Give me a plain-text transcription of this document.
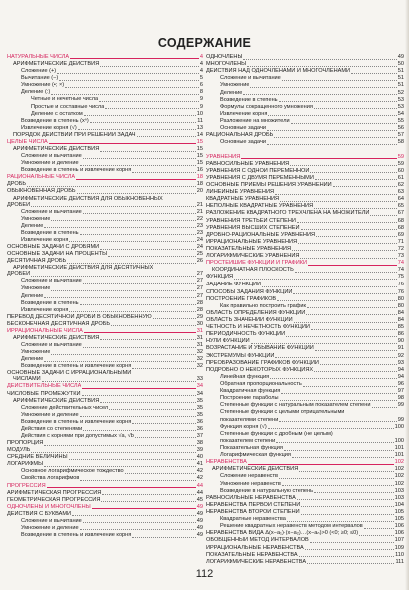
СОДЕРЖАНИЕ
НАТУРАЛЬНЫЕ ЧИСЛА	4
АРИФМЕТИЧЕСКИЕ ДЕЙСТВИЯ	4
Сложение (+)	4
Вычитание (−)	5
Умножение (•; ×)	6
Деление (:)	8
Четные и нечетные числа	9
Простые и составные числа	9
Деление с остатком	10
Возведение в степень (xⁿ)	11
Извлечение корня (√)	13
ПОРЯДОК ДЕЙСТВИЙ ПРИ РЕШЕНИИ ЗАДАЧ	14
ЦЕЛЫЕ ЧИСЛА	15
АРИФМЕТИЧЕСКИЕ ДЕЙСТВИЯ	15
Сложение и вычитание	15
Умножение и деление	15
Возведение в степень и извлечение корня	16
РАЦИОНАЛЬНЫЕ ЧИСЛА	18
ДРОБЬ	18
ОБЫКНОВЕННАЯ ДРОБЬ	20
АРИФМЕТИЧЕСКИЕ ДЕЙСТВИЯ ДЛЯ ОБЫКНОВЕННЫХ
ДРОБЕЙ	21
Сложение и вычитание	21
Умножение	22
Деление	23
Возведение в степень	23
Извлечение корня	24
ОСНОВНЫЕ ЗАДАЧИ С ДРОБЯМИ	24
ОСНОВНЫЕ ЗАДАЧИ НА ПРОЦЕНТЫ	25
ДЕСЯТИЧНАЯ ДРОБЬ	26
АРИФМЕТИЧЕСКИЕ ДЕЙСТВИЯ ДЛЯ ДЕСЯТИЧНЫХ
ДРОБЕЙ	27
Сложение и вычитание	27
Умножение	27
Деление	27
Возведение в степень	28
Извлечение корня	28
ПЕРЕВОД ДЕСЯТИЧНОЙ ДРОБИ В ОБЫКНОВЕННУЮ	29
БЕСКОНЕЧНАЯ ДЕСЯТИЧНАЯ ДРОБЬ	30
ИРРАЦИОНАЛЬНЫЕ ЧИСЛА	31
АРИФМЕТИЧЕСКИЕ ДЕЙСТВИЯ	31
Сложение и вычитание	31
Умножение	32
Деление	32
Возведение в степень и извлечение корня	32
ОСНОВНЫЕ ЗАДАЧИ С ИРРАЦИОНАЛЬНЫМИ
ЧИСЛАМИ	33
ДЕЙСТВИТЕЛЬНЫЕ ЧИСЛА	34
ЧИСЛОВЫЕ ПРОМЕЖУТКИ	34
АРИФМЕТИЧЕСКИЕ ДЕЙСТВИЯ	35
Сложение действительных чисел	35
Умножение и деление	35
Возведение в степень и извлечение корня	36
Действия со степенями	36
Действия с корнями при допустимых √a, √b	37
ПРОПОРЦИЯ	38
МОДУЛЬ	39
СРЕДНИЕ ВЕЛИЧИНЫ	40
ЛОГАРИФМЫ	41
Основное логарифмическое тождество	42
Свойства логарифмов	42
ПРОГРЕССИЯ	44
АРИФМЕТИЧЕСКАЯ ПРОГРЕССИЯ	44
ГЕОМЕТРИЧЕСКАЯ ПРОГРЕССИЯ	45
ОДНОЧЛЕНЫ И МНОГОЧЛЕНЫ	49
ДЕЙСТВИЯ С БУКВАМИ	49
Сложение и вычитание	49
Умножение и деление	49
Возведение в степень и извлечение корня	49
ОДНОЧЛЕНЫ	49
МНОГОЧЛЕНЫ	50
ДЕЙСТВИЯ НАД ОДНОЧЛЕНАМИ И МНОГОЧЛЕНАМИ	51
Сложение и вычитание	51
Умножение	51
Деление	52
Возведение в степень	53
Формулы сокращенного умножения	53
Извлечение корня	54
Разложение на множители	55
Основные задачи	56
РАЦИОНАЛЬНАЯ ДРОБЬ	57
Основные задачи	58
УРАВНЕНИЯ	59
РАВНОСИЛЬНЫЕ УРАВНЕНИЯ	59
УРАВНЕНИЯ С ОДНОЙ ПЕРЕМЕННОЙ	60
УРАВНЕНИЯ С ДВУМЯ ПЕРЕМЕННЫМИ	61
ОСНОВНЫЕ ПРИЕМЫ РЕШЕНИЯ УРАВНЕНИЙ	62
ЛИНЕЙНЫЕ УРАВНЕНИЯ	63
КВАДРАТНЫЕ УРАВНЕНИЯ	64
НЕПОЛНЫЕ КВАДРАТНЫЕ УРАВНЕНИЯ	65
РАЗЛОЖЕНИЕ КВАДРАТНОГО ТРЕХЧЛЕНА НА МНОЖИТЕЛИ	67
УРАВНЕНИЯ ТРЕТЬЕЙ СТЕПЕНИ	68
УРАВНЕНИЯ ВЫСШИХ СТЕПЕНЕЙ	68
ДРОБНО-РАЦИОНАЛЬНЫЕ УРАВНЕНИЯ	69
ИРРАЦИОНАЛЬНЫЕ УРАВНЕНИЯ	71
ПОКАЗАТЕЛЬНЫЕ УРАВНЕНИЯ	72
ЛОГАРИФМИЧЕСКИЕ УРАВНЕНИЯ	73
ПРОСТЕЙШИЕ ФУНКЦИИ И ГРАФИКИ	74
КООРДИНАТНАЯ ПЛОСКОСТЬ	74
ФУНКЦИЯ	75
ЗАДАНИЕ ФУНКЦИИ	76
СПОСОБЫ ЗАДАНИЯ ФУНКЦИИ	76
ПОСТРОЕНИЕ ГРАФИКОВ	80
Как правильно построить график	80
ОБЛАСТЬ ОПРЕДЕЛЕНИЯ ФУНКЦИИ	84
ОБЛАСТЬ ЗНАЧЕНИЙ ФУНКЦИИ	84
ЧЕТНОСТЬ И НЕЧЕТНОСТЬ ФУНКЦИИ	85
ПЕРИОДИЧНОСТЬ ФУНКЦИИ	86
НУЛИ ФУНКЦИИ	90
ВОЗРАСТАНИЕ И УБЫВАНИЕ ФУНКЦИИ	91
ЭКСТРЕМУМЫ ФУНКЦИИ	92
ПРЕОБРАЗОВАНИЕ ГРАФИКОВ ФУНКЦИЙ	93
ПОДРОБНО О НЕКОТОРЫХ ФУНКЦИЯХ	94
Линейная функция	94
Обратная пропорциональность	96
Квадратичная функция	97
Построение параболы	98
Степенные функции с натуральным показателем степени	99
Степенные функции с целыми отрицательными
показателями степени	99
Функция корня (√)	100
Степенные функции с дробным (не целым)
показателем степени	100
Показательная функция	101
Логарифмическая функция	101
НЕРАВЕНСТВА	102
АРИФМЕТИЧЕСКИЕ ДЕЙСТВИЯ	102
Сложение неравенств	102
Умножение неравенств	102
Возведение в натуральную степень	103
РАВНОСИЛЬНЫЕ НЕРАВЕНСТВА	103
НЕРАВЕНСТВА ПЕРВОЙ СТЕПЕНИ	104
НЕРАВЕНСТВА ВТОРОЙ СТЕПЕНИ	105
Квадратные неравенства	105
Решение квадратных неравенств методом интервалов	106
НЕРАВЕНСТВА ВИДА Δ(x−a₁)·(x−a₂)…(x−aₙ)>0 (<0; ≥0; ≤0)	106
ОБОБЩЕННЫЙ МЕТОД ИНТЕРВАЛОВ	107
ИРРАЦИОНАЛЬНЫЕ НЕРАВЕНСТВА	109
ПОКАЗАТЕЛЬНЫЕ НЕРАВЕНСТВА	110
ЛОГАРИФМИЧЕСКИЕ НЕРАВЕНСТВА	111
112
